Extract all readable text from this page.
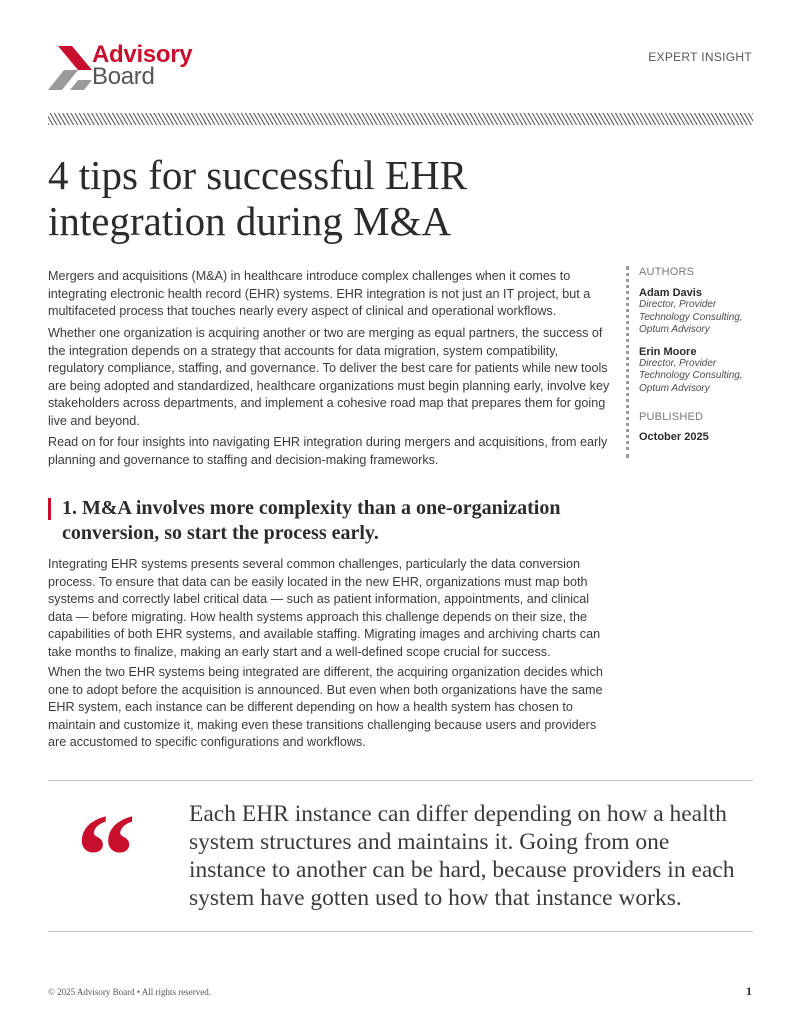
Advisory
Board
EXPERT INSIGHT
4 tips for successful EHR
integration during M&A

Mergers and acquisitions (M&A) in healthcare introduce complex challenges when it comes to integrating electronic health record (EHR) systems. EHR integration is not just an IT project, but a multifaceted process that touches nearly every aspect of clinical and operational workflows.

Whether one organization is acquiring another or two are merging as equal partners, the success of the integration depends on a strategy that accounts for data migration, system compatibility, regulatory compliance, staffing, and governance. To deliver the best care for patients while new tools are being adopted and standardized, healthcare organizations must begin planning early, involve key stakeholders across departments, and implement a cohesive road map that prepares them for going live and beyond.

Read on for four insights into navigating EHR integration during mergers and acquisitions, from early planning and governance to staffing and decision-making frameworks.

AUTHORS
Adam Davis
Director, Provider
Technology Consulting,
Optum Advisory
Erin Moore
Director, Provider
Technology Consulting,
Optum Advisory
PUBLISHED
October 2025
1. M&A involves more complexity than a one-organization
conversion, so start the process early.

Integrating EHR systems presents several common challenges, particularly the data conversion process. To ensure that data can be easily located in the new EHR, organizations must map both systems and correctly label critical data — such as patient information, appointments, and clinical data — before migrating. How health systems approach this challenge depends on their size, the capabilities of both EHR systems, and available staffing. Migrating images and archiving charts can take months to finalize, making an early start and a well-defined scope crucial for success.

When the two EHR systems being integrated are different, the acquiring organization decides which one to adopt before the acquisition is announced. But even when both organizations have the same EHR system, each instance can be different depending on how a health system has chosen to maintain and customize it, making even these transitions challenging because users and providers are accustomed to specific configurations and workflows.

“ Each EHR instance can differ depending on how a health system structures and maintains it. Going from one instance to another can be hard, because providers in each system have gotten used to how that instance works.
© 2025 Advisory Board • All rights reserved.	1
